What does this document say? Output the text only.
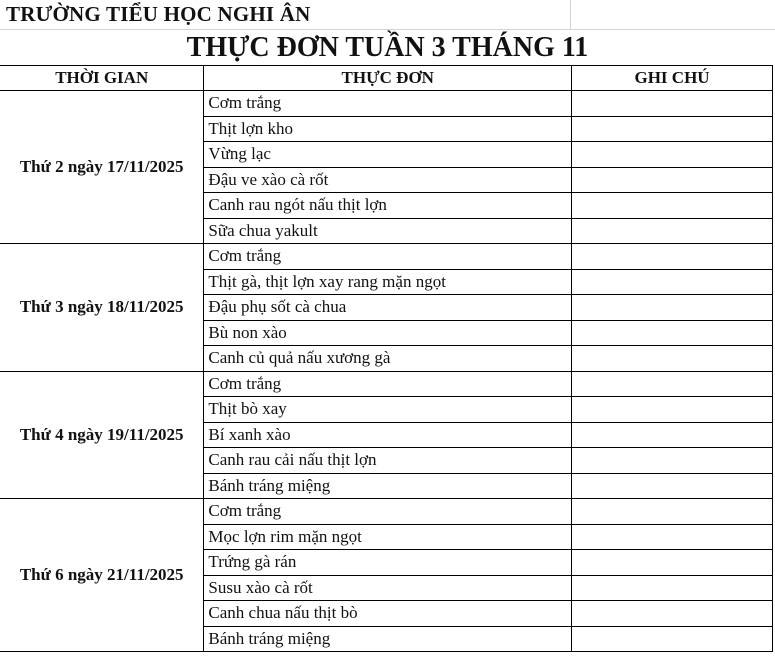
TRƯỜNG TIỂU HỌC NGHI ÂN
THỰC ĐƠN TUẦN 3 THÁNG 11
THỜI GIAN	THỰC ĐƠN	GHI CHÚ
Thứ 2 ngày 17/11/2025	Cơm trắng	
	Thịt lợn kho	
	Vừng lạc	
	Đậu ve xào cà rốt	
	Canh rau ngót nấu thịt lợn	
	Sữa chua yakult	
Thứ 3 ngày 18/11/2025	Cơm trắng	
	Thịt gà, thịt lợn xay rang mặn ngọt	
	Đậu phụ sốt cà chua	
	Bù non xào	
	Canh củ quả nấu xương gà	
Thứ 4 ngày 19/11/2025	Cơm trắng	
	Thịt bò xay	
	Bí xanh xào	
	Canh rau cải nấu thịt lợn	
	Bánh tráng miệng	
Thứ 6 ngày 21/11/2025	Cơm trắng	
	Mọc lợn rim mặn ngọt	
	Trứng gà rán	
	Susu xào cà rốt	
	Canh chua nấu thịt bò	
	Bánh tráng miệng	
